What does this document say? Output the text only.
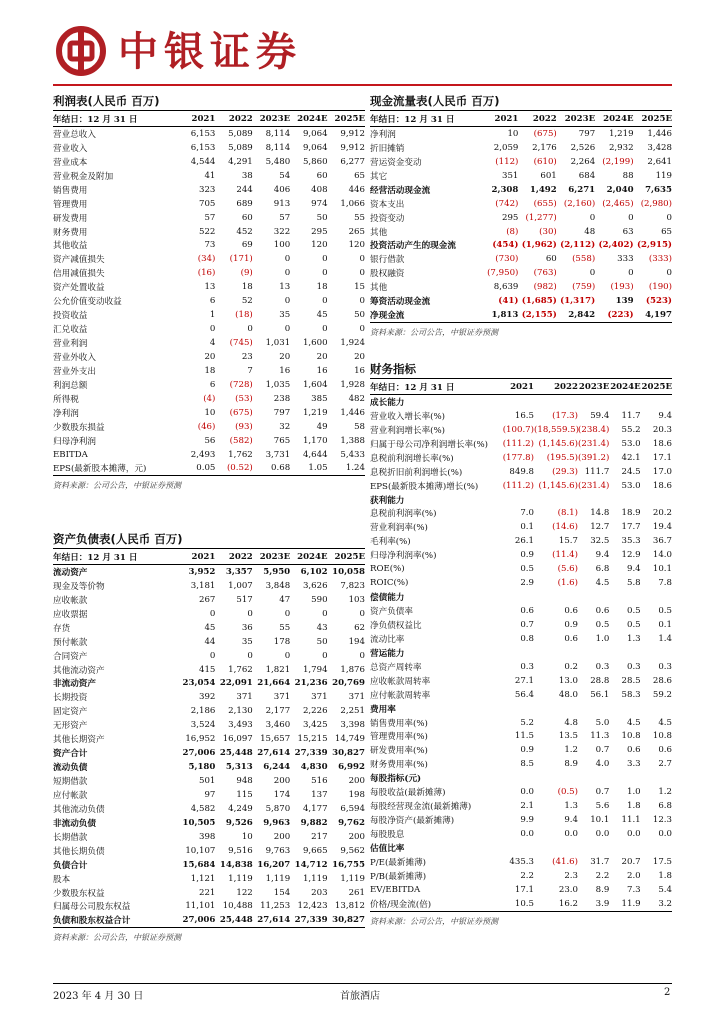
中银证券
利润表(人民币 百万)
年结日：12 月 31 日	2021	2022	2023E	2024E	2025E
营业总收入	6,153	5,089	8,114	9,064	9,912
营业收入	6,153	5,089	8,114	9,064	9,912
营业成本	4,544	4,291	5,480	5,860	6,277
营业税金及附加	41	38	54	60	65
销售费用	323	244	406	408	446
管理费用	705	689	913	974	1,066
研发费用	57	60	57	50	55
财务费用	522	452	322	295	265
其他收益	73	69	100	120	120
资产减值损失	(34)	(171)	0	0	0
信用减值损失	(16)	(9)	0	0	0
资产处置收益	13	18	13	18	15
公允价值变动收益	6	52	0	0	0
投资收益	1	(18)	35	45	50
汇兑收益	0	0	0	0	0
营业利润	4	(745)	1,031	1,600	1,924
营业外收入	20	23	20	20	20
营业外支出	18	7	16	16	16
利润总额	6	(728)	1,035	1,604	1,928
所得税	(4)	(53)	238	385	482
净利润	10	(675)	797	1,219	1,446
少数股东损益	(46)	(93)	32	49	58
归母净利润	56	(582)	765	1,170	1,388
EBITDA	2,493	1,762	3,731	4,644	5,433
EPS(最新股本摊薄，元)	0.05	(0.52)	0.68	1.05	1.24
资料来源：公司公告，中银证券预测
资产负债表(人民币 百万)
年结日：12 月 31 日	2021	2022	2023E	2024E	2025E
流动资产	3,952	3,357	5,950	6,102	10,058
现金及等价物	3,181	1,007	3,848	3,626	7,823
应收帐款	267	517	47	590	103
应收票据	0	0	0	0	0
存货	45	36	55	43	62
预付帐款	44	35	178	50	194
合同资产	0	0	0	0	0
其他流动资产	415	1,762	1,821	1,794	1,876
非流动资产	23,054	22,091	21,664	21,236	20,769
长期投资	392	371	371	371	371
固定资产	2,186	2,130	2,177	2,226	2,251
无形资产	3,524	3,493	3,460	3,425	3,398
其他长期资产	16,952	16,097	15,657	15,215	14,749
资产合计	27,006	25,448	27,614	27,339	30,827
流动负债	5,180	5,313	6,244	4,830	6,992
短期借款	501	948	200	516	200
应付帐款	97	115	174	137	198
其他流动负债	4,582	4,249	5,870	4,177	6,594
非流动负债	10,505	9,526	9,963	9,882	9,762
长期借款	398	10	200	217	200
其他长期负债	10,107	9,516	9,763	9,665	9,562
负债合计	15,684	14,838	16,207	14,712	16,755
股本	1,121	1,119	1,119	1,119	1,119
少数股东权益	221	122	154	203	261
归属母公司股东权益	11,101	10,488	11,253	12,423	13,812
负债和股东权益合计	27,006	25,448	27,614	27,339	30,827
资料来源：公司公告，中银证券预测
现金流量表(人民币 百万)
年结日：12 月 31 日	2021	2022	2023E	2024E	2025E
净利润	10	(675)	797	1,219	1,446
折旧摊销	2,059	2,176	2,526	2,932	3,428
营运资金变动	(112)	(610)	2,264	(2,199)	2,641
其它	351	601	684	88	119
经营活动现金流	2,308	1,492	6,271	2,040	7,635
资本支出	(742)	(655)	(2,160)	(2,465)	(2,980)
投资变动	295	(1,277)	0	0	0
其他	(8)	(30)	48	63	65
投资活动产生的现金流	(454)	(1,962)	(2,112)	(2,402)	(2,915)
银行借款	(730)	60	(558)	333	(333)
股权融资	(7,950)	(763)	0	0	0
其他	8,639	(982)	(759)	(193)	(190)
筹资活动现金流	(41)	(1,685)	(1,317)	139	(523)
净现金流	1,813	(2,155)	2,842	(223)	4,197
资料来源：公司公告，中银证券预测
财务指标
年结日：12 月 31 日	2021	2022	2023E	2024E	2025E
成长能力					
营业收入增长率(%)	16.5	(17.3)	59.4	11.7	9.4
营业利润增长率(%)	(100.7)	(18,559.5)	(238.4)	55.2	20.3
归属于母公司净利润增长率(%)	(111.2)	(1,145.6)	(231.4)	53.0	18.6
息税前利润增长率(%)	(177.8)	(195.5)	(391.2)	42.1	17.1
息税折旧前利润增长(%)	849.8	(29.3)	111.7	24.5	17.0
EPS(最新股本摊薄)增长(%)	(111.2)	(1,145.6)	(231.4)	53.0	18.6
获利能力					
息税前利润率(%)	7.0	(8.1)	14.8	18.9	20.2
营业利润率(%)	0.1	(14.6)	12.7	17.7	19.4
毛利率(%)	26.1	15.7	32.5	35.3	36.7
归母净利润率(%)	0.9	(11.4)	9.4	12.9	14.0
ROE(%)	0.5	(5.6)	6.8	9.4	10.1
ROIC(%)	2.9	(1.6)	4.5	5.8	7.8
偿债能力					
资产负债率	0.6	0.6	0.6	0.5	0.5
净负债权益比	0.7	0.9	0.5	0.5	0.1
流动比率	0.8	0.6	1.0	1.3	1.4
营运能力					
总资产周转率	0.3	0.2	0.3	0.3	0.3
应收帐款周转率	27.1	13.0	28.8	28.5	28.6
应付帐款周转率	56.4	48.0	56.1	58.3	59.2
费用率					
销售费用率(%)	5.2	4.8	5.0	4.5	4.5
管理费用率(%)	11.5	13.5	11.3	10.8	10.8
研发费用率(%)	0.9	1.2	0.7	0.6	0.6
财务费用率(%)	8.5	8.9	4.0	3.3	2.7
每股指标(元)					
每股收益(最新摊薄)	0.0	(0.5)	0.7	1.0	1.2
每股经营现金流(最新摊薄)	2.1	1.3	5.6	1.8	6.8
每股净资产(最新摊薄)	9.9	9.4	10.1	11.1	12.3
每股股息	0.0	0.0	0.0	0.0	0.0
估值比率					
P/E(最新摊薄)	435.3	(41.6)	31.7	20.7	17.5
P/B(最新摊薄)	2.2	2.3	2.2	2.0	1.8
EV/EBITDA	17.1	23.0	8.9	7.3	5.4
价格/现金流(倍)	10.5	16.2	3.9	11.9	3.2
资料来源：公司公告，中银证券预测
2023 年 4 月 30 日	首旅酒店	2
